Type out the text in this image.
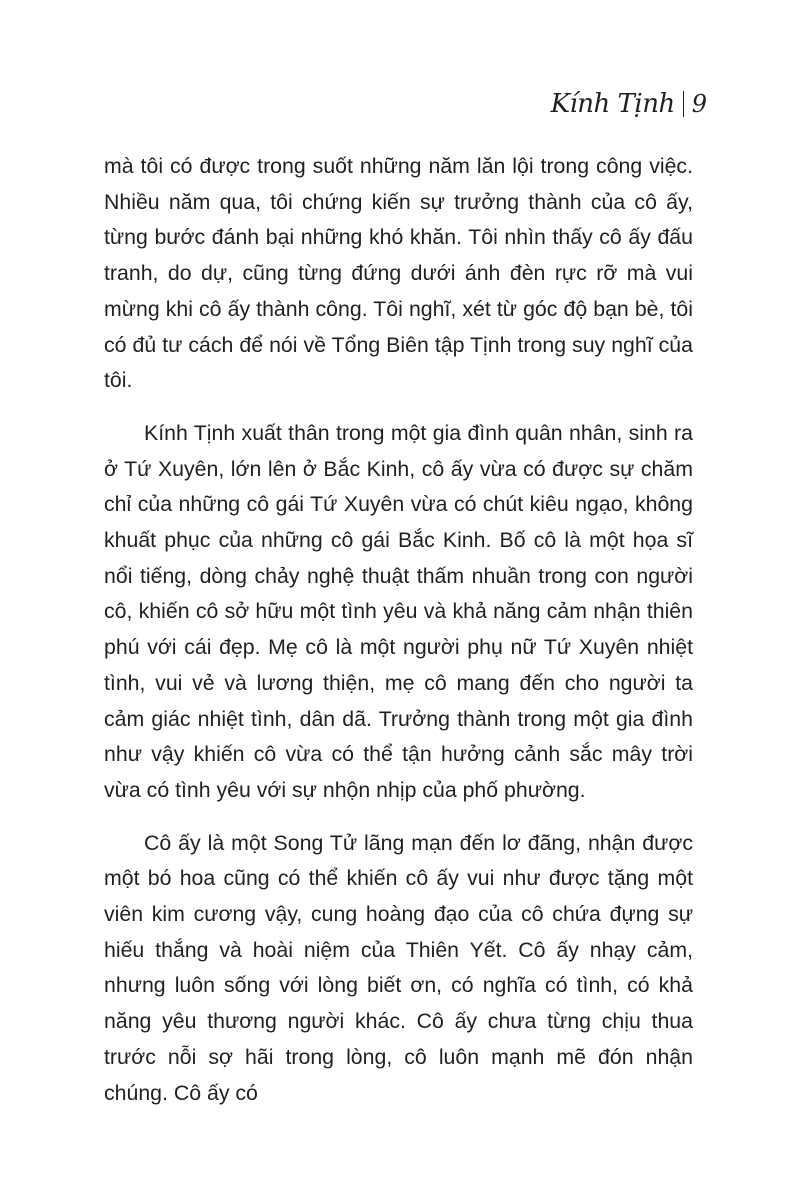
Kính Tịnh 9

mà tôi có được trong suốt những năm lăn lội trong công việc. Nhiều năm qua, tôi chứng kiến sự trưởng thành của cô ấy, từng bước đánh bại những khó khăn. Tôi nhìn thấy cô ấy đấu tranh, do dự, cũng từng đứng dưới ánh đèn rực rỡ mà vui mừng khi cô ấy thành công. Tôi nghĩ, xét từ góc độ bạn bè, tôi có đủ tư cách để nói về Tổng Biên tập Tịnh trong suy nghĩ của tôi.

Kính Tịnh xuất thân trong một gia đình quân nhân, sinh ra ở Tứ Xuyên, lớn lên ở Bắc Kinh, cô ấy vừa có được sự chăm chỉ của những cô gái Tứ Xuyên vừa có chút kiêu ngạo, không khuất phục của những cô gái Bắc Kinh. Bố cô là một họa sĩ nổi tiếng, dòng chảy nghệ thuật thấm nhuần trong con người cô, khiến cô sở hữu một tình yêu và khả năng cảm nhận thiên phú với cái đẹp. Mẹ cô là một người phụ nữ Tứ Xuyên nhiệt tình, vui vẻ và lương thiện, mẹ cô mang đến cho người ta cảm giác nhiệt tình, dân dã. Trưởng thành trong một gia đình như vậy khiến cô vừa có thể tận hưởng cảnh sắc mây trời vừa có tình yêu với sự nhộn nhịp của phố phường.

Cô ấy là một Song Tử lãng mạn đến lơ đãng, nhận được một bó hoa cũng có thể khiến cô ấy vui như được tặng một viên kim cương vậy, cung hoàng đạo của cô chứa đựng sự hiếu thắng và hoài niệm của Thiên Yết. Cô ấy nhạy cảm, nhưng luôn sống với lòng biết ơn, có nghĩa có tình, có khả năng yêu thương người khác. Cô ấy chưa từng chịu thua trước nỗi sợ hãi trong lòng, cô luôn mạnh mẽ đón nhận chúng. Cô ấy có
